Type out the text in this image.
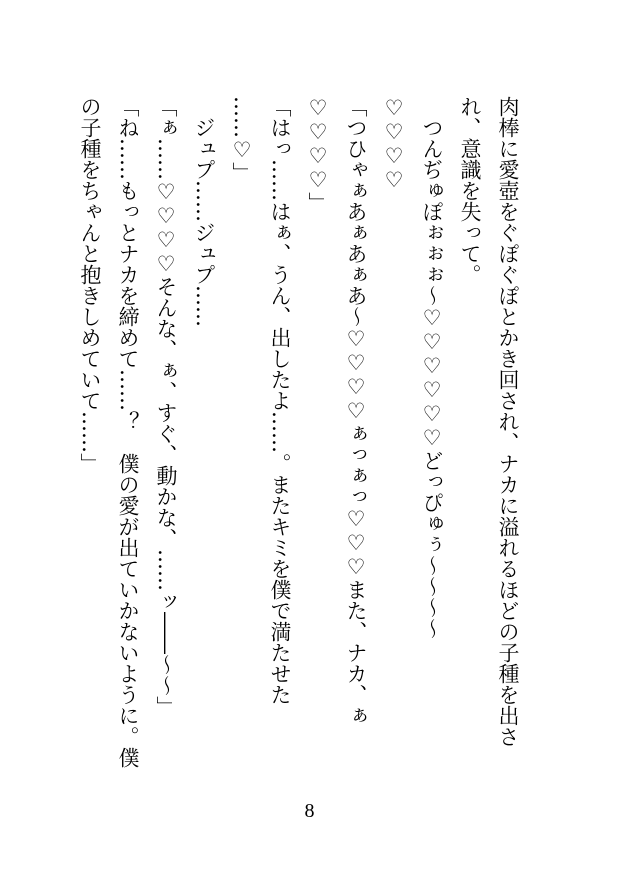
肉棒に愛壺をぐぽぐぽとかき回され、ナカに溢れるほどの子種を出さ
れ、意識を失って。
　つんぢゅぽぉぉぉ〜♡♡♡♡♡♡どっぴゅぅ〜〜〜〜
♡♡♡♡
「つひゃぁあぁあぁあ〜♡♡♡♡ぁっぁっ♡♡♡また、ナカ、ぁ
♡♡♡♡」
「はっ……はぁ、うん、出したよ……。またキミを僕で満たせた
……♡」
　ジュプ……ジュプ……
「ぁ……♡♡♡♡そんな、ぁ、すぐ、動かな、……ッ――〜〜」
「ね……もっとナカを締めて……？　僕の愛が出ていかないように。僕
の子種をちゃんと抱きしめていて……」
8
